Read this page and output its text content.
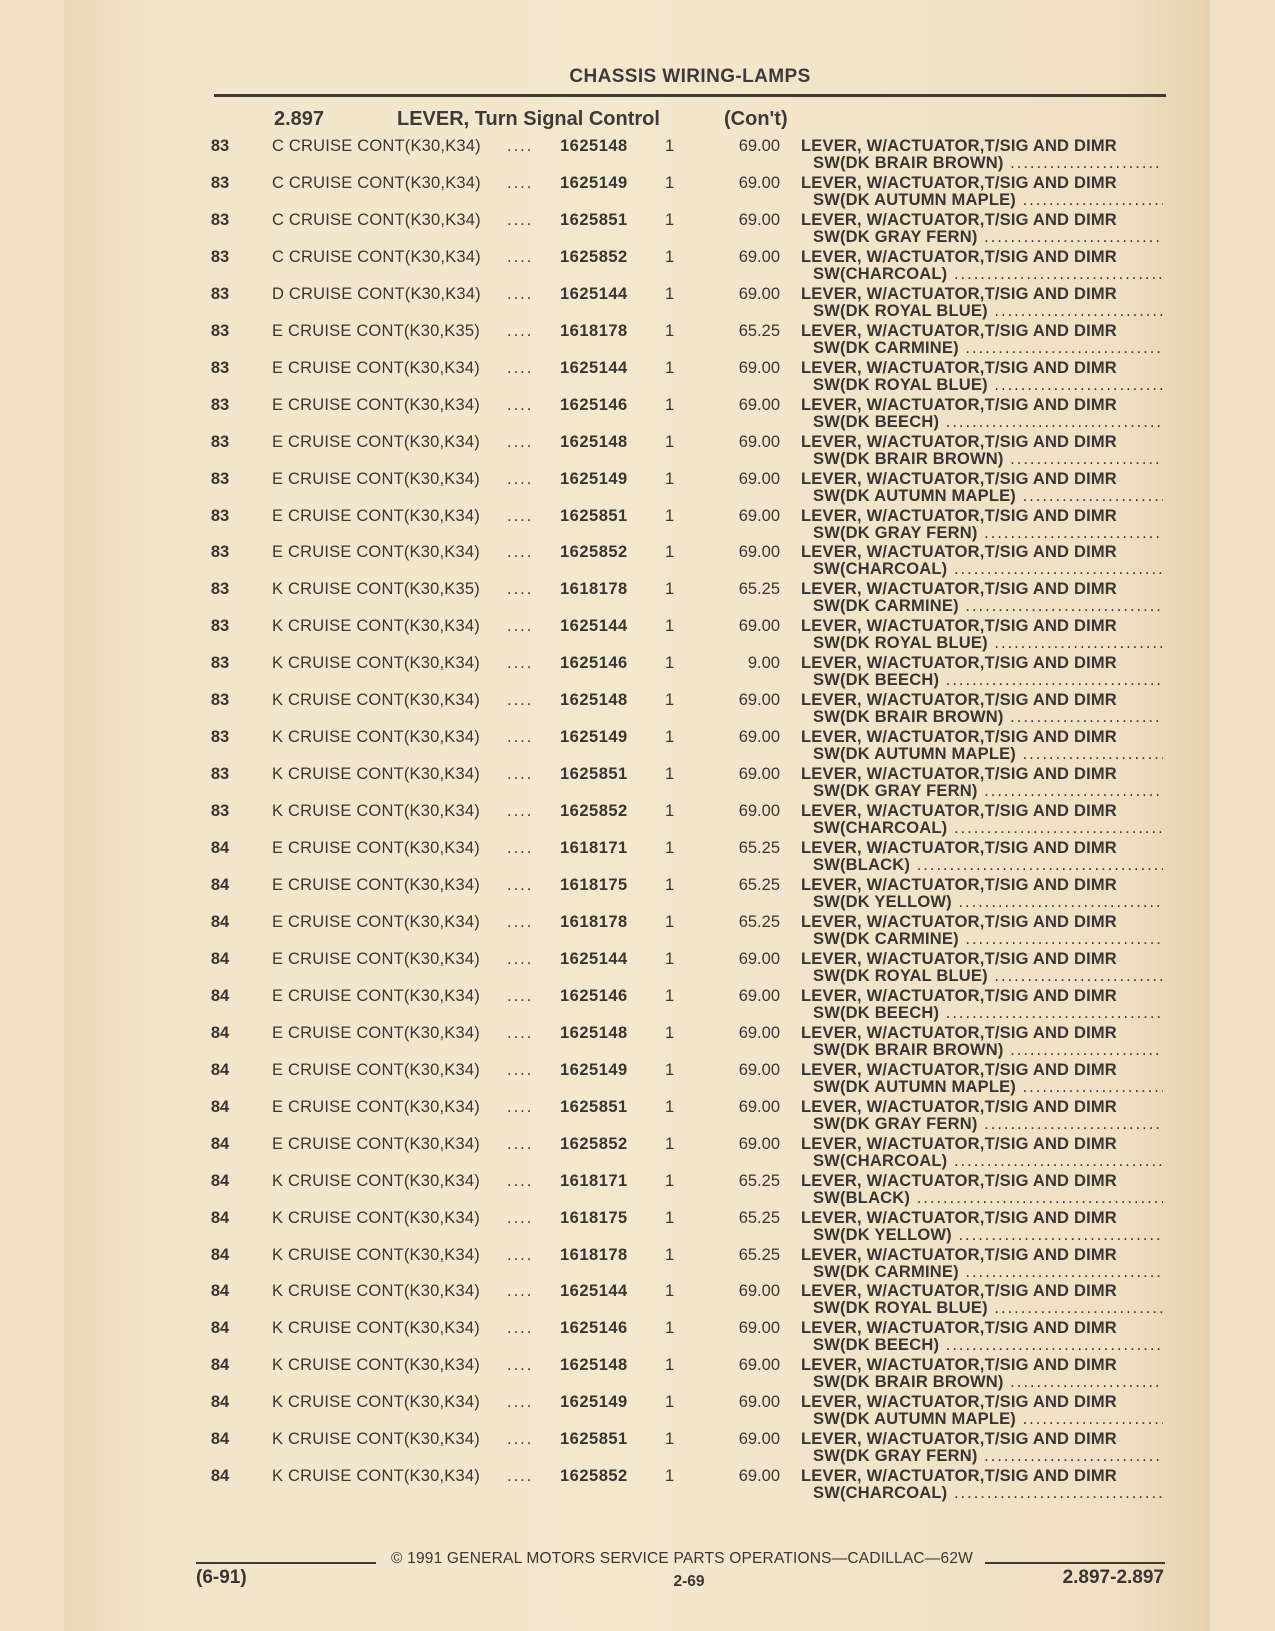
CHASSIS WIRING-LAMPS
2.897	LEVER, Turn Signal Control	(Con't)
83	C CRUISE CONT(K30,K34) .... 1625148 1	69.00 LEVER, W/ACTUATOR,T/SIG AND DIMR
SW(DK BRAIR BROWN) .....
83	C CRUISE CONT(K30,K34) .... 1625149 1	69.00 LEVER, W/ACTUATOR,T/SIG AND DIMR
SW(DK AUTUMN MAPLE) .....
83	C CRUISE CONT(K30,K34) .... 1625851 1	69.00 LEVER, W/ACTUATOR,T/SIG AND DIMR
SW(DK GRAY FERN) .....
83	C CRUISE CONT(K30,K34) .... 1625852 1	69.00 LEVER, W/ACTUATOR,T/SIG AND DIMR
SW(CHARCOAL) .....
83	D CRUISE CONT(K30,K34) .... 1625144 1	69.00 LEVER, W/ACTUATOR,T/SIG AND DIMR
SW(DK ROYAL BLUE) .....
83	E CRUISE CONT(K30,K35) .... 1618178 1	65.25 LEVER, W/ACTUATOR,T/SIG AND DIMR
SW(DK CARMINE) .....
83	E CRUISE CONT(K30,K34) .... 1625144 1	69.00 LEVER, W/ACTUATOR,T/SIG AND DIMR
SW(DK ROYAL BLUE) .....
83	E CRUISE CONT(K30,K34) .... 1625146 1	69.00 LEVER, W/ACTUATOR,T/SIG AND DIMR
SW(DK BEECH) .....
83	E CRUISE CONT(K30,K34) .... 1625148 1	69.00 LEVER, W/ACTUATOR,T/SIG AND DIMR
SW(DK BRAIR BROWN) .....
83	E CRUISE CONT(K30,K34) .... 1625149 1	69.00 LEVER, W/ACTUATOR,T/SIG AND DIMR
SW(DK AUTUMN MAPLE) .....
83	E CRUISE CONT(K30,K34) .... 1625851 1	69.00 LEVER, W/ACTUATOR,T/SIG AND DIMR
SW(DK GRAY FERN) .....
83	E CRUISE CONT(K30,K34) .... 1625852 1	69.00 LEVER, W/ACTUATOR,T/SIG AND DIMR
SW(CHARCOAL) .....
83	K CRUISE CONT(K30,K35) .... 1618178 1	65.25 LEVER, W/ACTUATOR,T/SIG AND DIMR
SW(DK CARMINE) .....
83	K CRUISE CONT(K30,K34) .... 1625144 1	69.00 LEVER, W/ACTUATOR,T/SIG AND DIMR
SW(DK ROYAL BLUE) .....
83	K CRUISE CONT(K30,K34) .... 1625146 1	9.00 LEVER, W/ACTUATOR,T/SIG AND DIMR
SW(DK BEECH) .....
83	K CRUISE CONT(K30,K34) .... 1625148 1	69.00 LEVER, W/ACTUATOR,T/SIG AND DIMR
SW(DK BRAIR BROWN) .....
83	K CRUISE CONT(K30,K34) .... 1625149 1	69.00 LEVER, W/ACTUATOR,T/SIG AND DIMR
SW(DK AUTUMN MAPLE) .....
83	K CRUISE CONT(K30,K34) .... 1625851 1	69.00 LEVER, W/ACTUATOR,T/SIG AND DIMR
SW(DK GRAY FERN) .....
83	K CRUISE CONT(K30,K34) .... 1625852 1	69.00 LEVER, W/ACTUATOR,T/SIG AND DIMR
SW(CHARCOAL) .....
84	E CRUISE CONT(K30,K34) .... 1618171 1	65.25 LEVER, W/ACTUATOR,T/SIG AND DIMR
SW(BLACK) .....
84	E CRUISE CONT(K30,K34) .... 1618175 1	65.25 LEVER, W/ACTUATOR,T/SIG AND DIMR
SW(DK YELLOW) .....
84	E CRUISE CONT(K30,K34) .... 1618178 1	65.25 LEVER, W/ACTUATOR,T/SIG AND DIMR
SW(DK CARMINE) .....
84	E CRUISE CONT(K30,K34) .... 1625144 1	69.00 LEVER, W/ACTUATOR,T/SIG AND DIMR
SW(DK ROYAL BLUE) .....
84	E CRUISE CONT(K30,K34) .... 1625146 1	69.00 LEVER, W/ACTUATOR,T/SIG AND DIMR
SW(DK BEECH) .....
84	E CRUISE CONT(K30,K34) .... 1625148 1	69.00 LEVER, W/ACTUATOR,T/SIG AND DIMR
SW(DK BRAIR BROWN) .....
84	E CRUISE CONT(K30,K34) .... 1625149 1	69.00 LEVER, W/ACTUATOR,T/SIG AND DIMR
SW(DK AUTUMN MAPLE) .....
84	E CRUISE CONT(K30,K34) .... 1625851 1	69.00 LEVER, W/ACTUATOR,T/SIG AND DIMR
SW(DK GRAY FERN) .....
84	E CRUISE CONT(K30,K34) .... 1625852 1	69.00 LEVER, W/ACTUATOR,T/SIG AND DIMR
SW(CHARCOAL) .....
84	K CRUISE CONT(K30,K34) .... 1618171 1	65.25 LEVER, W/ACTUATOR,T/SIG AND DIMR
SW(BLACK) .....
84	K CRUISE CONT(K30,K34) .... 1618175 1	65.25 LEVER, W/ACTUATOR,T/SIG AND DIMR
SW(DK YELLOW) .....
84	K CRUISE CONT(K30,K34) .... 1618178 1	65.25 LEVER, W/ACTUATOR,T/SIG AND DIMR
SW(DK CARMINE) .....
84	K CRUISE CONT(K30,K34) .... 1625144 1	69.00 LEVER, W/ACTUATOR,T/SIG AND DIMR
SW(DK ROYAL BLUE) .....
84	K CRUISE CONT(K30,K34) .... 1625146 1	69.00 LEVER, W/ACTUATOR,T/SIG AND DIMR
SW(DK BEECH) .....
84	K CRUISE CONT(K30,K34) .... 1625148 1	69.00 LEVER, W/ACTUATOR,T/SIG AND DIMR
SW(DK BRAIR BROWN) .....
84	K CRUISE CONT(K30,K34) .... 1625149 1	69.00 LEVER, W/ACTUATOR,T/SIG AND DIMR
SW(DK AUTUMN MAPLE) .....
84	K CRUISE CONT(K30,K34) .... 1625851 1	69.00 LEVER, W/ACTUATOR,T/SIG AND DIMR
SW(DK GRAY FERN) .....
84	K CRUISE CONT(K30,K34) .... 1625852 1	69.00 LEVER, W/ACTUATOR,T/SIG AND DIMR
SW(CHARCOAL) .....
© 1991 GENERAL MOTORS SERVICE PARTS OPERATIONS—CADILLAC—62W
(6-91)	2-69	2.897-2.897
